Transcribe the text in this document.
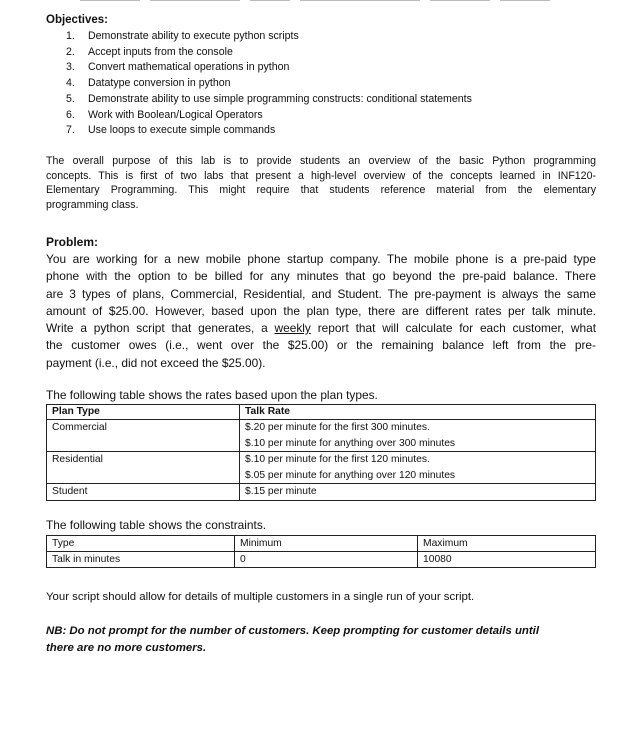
Objectives:
1. Demonstrate ability to execute python scripts
2. Accept inputs from the console
3. Convert mathematical operations in python
4. Datatype conversion in python
5. Demonstrate ability to use simple programming constructs: conditional statements
6. Work with Boolean/Logical Operators
7. Use loops to execute simple commands
The overall purpose of this lab is to provide students an overview of the basic Python programming
concepts. This is first of two labs that present a high-level overview of the concepts learned in INF120-
Elementary Programming. This might require that students reference material from the elementary
programming class.
Problem:
You are working for a new mobile phone startup company. The mobile phone is a pre-paid type
phone with the option to be billed for any minutes that go beyond the pre-paid balance. There
are 3 types of plans, Commercial, Residential, and Student. The pre-payment is always the same
amount of $25.00. However, based upon the plan type, there are different rates per talk minute.
Write a python script that generates, a weekly report that will calculate for each customer, what
the customer owes (i.e., went over the $25.00) or the remaining balance left from the pre-
payment (i.e., did not exceed the $25.00).
The following table shows the rates based upon the plan types.
Plan Type	Talk Rate
Commercial	$.20 per minute for the first 300 minutes.
$.10 per minute for anything over 300 minutes

Residential	$.10 per minute for the first 120 minutes.
$.05 per minute for anything over 120 minutes

Student	$.15 per minute
The following table shows the constraints.
Type	Minimum	Maximum
Talk in minutes	0	10080
Your script should allow for details of multiple customers in a single run of your script.
NB: Do not prompt for the number of customers. Keep prompting for customer details until
there are no more customers.
